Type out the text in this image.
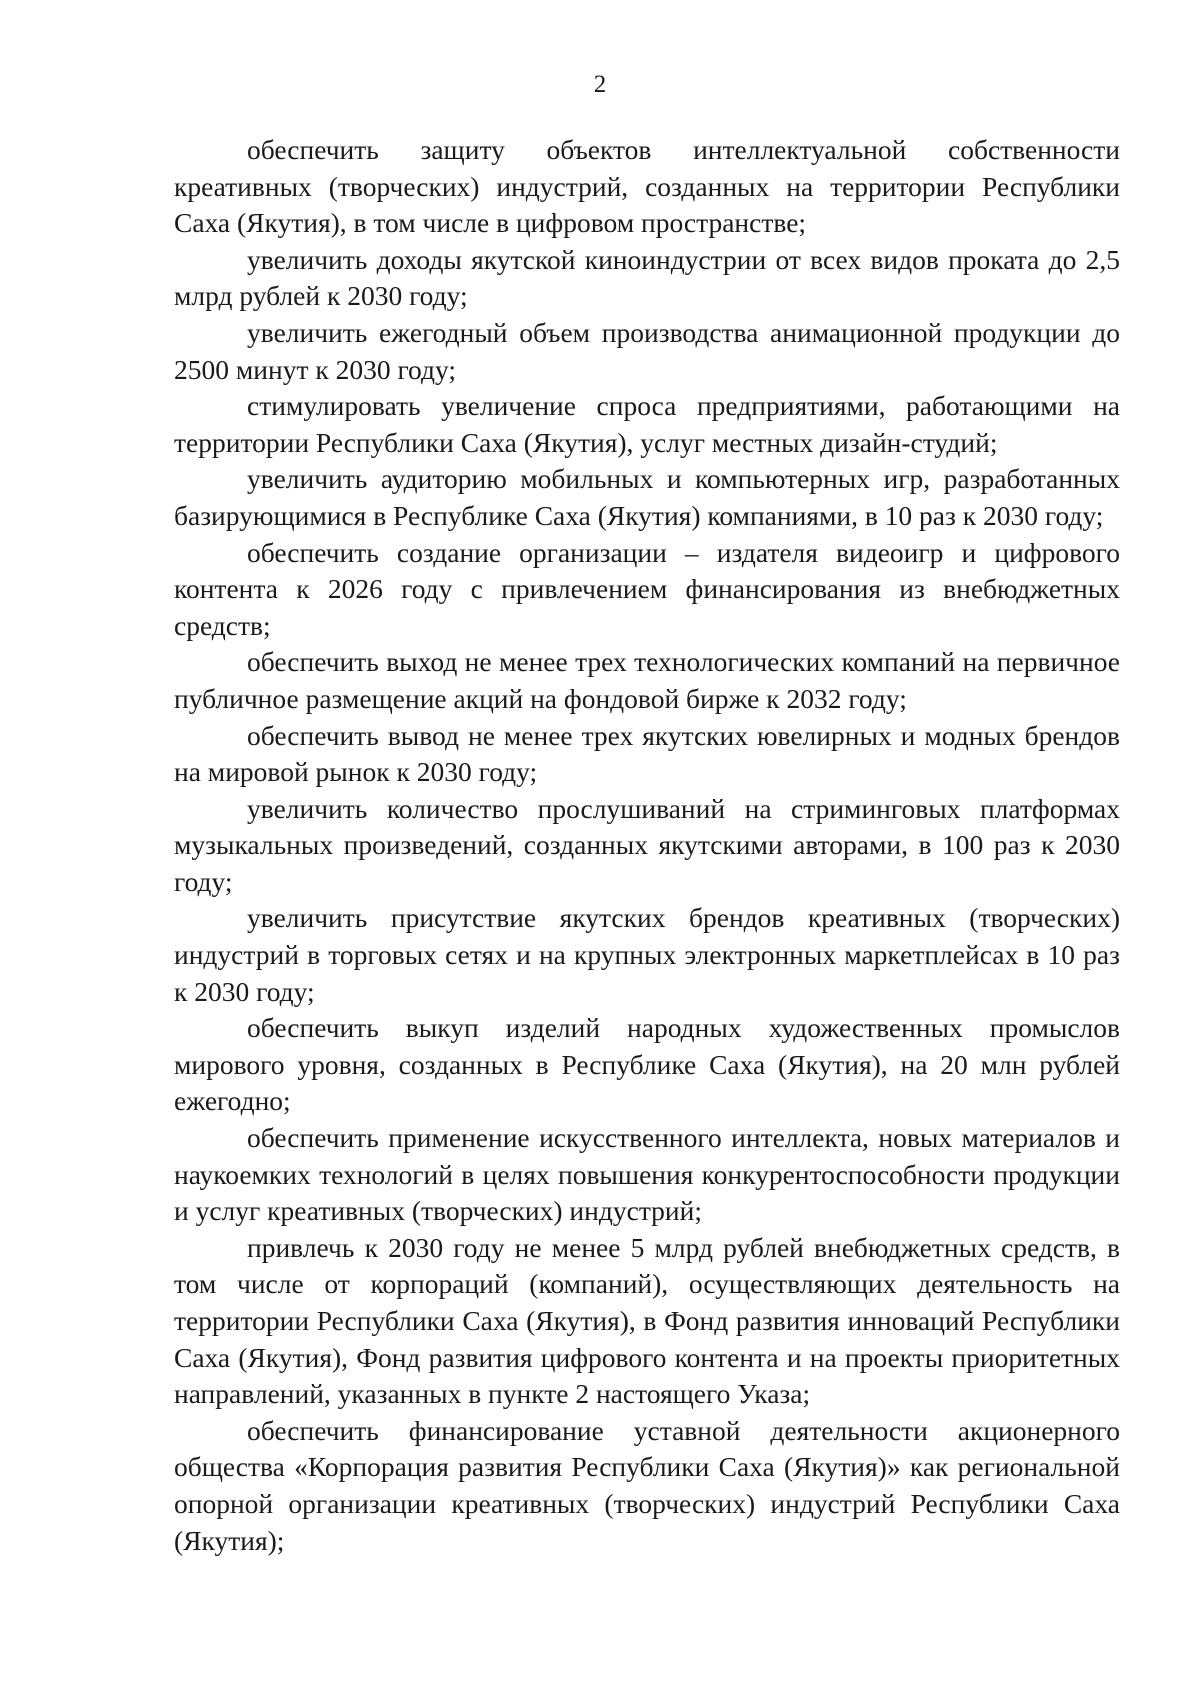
2

обеспечить защиту объектов интеллектуальной собственности креативных (творческих) индустрий, созданных на территории Республики Саха (Якутия), в том числе в цифровом пространстве;

увеличить доходы якутской киноиндустрии от всех видов проката до 2,5 млрд рублей к 2030 году;

увеличить ежегодный объем производства анимационной продукции до 2500 минут к 2030 году;

стимулировать увеличение спроса предприятиями, работающими на территории Республики Саха (Якутия), услуг местных дизайн-студий;

увеличить аудиторию мобильных и компьютерных игр, разработанных базирующимися в Республике Саха (Якутия) компаниями, в 10 раз к 2030 году;

обеспечить создание организации – издателя видеоигр и цифрового контента к 2026 году с привлечением финансирования из внебюджетных средств;

обеспечить выход не менее трех технологических компаний на первичное публичное размещение акций на фондовой бирже к 2032 году;

обеспечить вывод не менее трех якутских ювелирных и модных брендов на мировой рынок к 2030 году;

увеличить количество прослушиваний на стриминговых платформах музыкальных произведений, созданных якутскими авторами, в 100 раз к 2030 году;

увеличить присутствие якутских брендов креативных (творческих) индустрий в торговых сетях и на крупных электронных маркетплейсах в 10 раз к 2030 году;

обеспечить выкуп изделий народных художественных промыслов мирового уровня, созданных в Республике Саха (Якутия), на 20 млн рублей ежегодно;

обеспечить применение искусственного интеллекта, новых материалов и наукоемких технологий в целях повышения конкурентоспособности продукции и услуг креативных (творческих) индустрий;

привлечь к 2030 году не менее 5 млрд рублей внебюджетных средств, в том числе от корпораций (компаний), осуществляющих деятельность на территории Республики Саха (Якутия), в Фонд развития инноваций Республики Саха (Якутия), Фонд развития цифрового контента и на проекты приоритетных направлений, указанных в пункте 2 настоящего Указа;

обеспечить финансирование уставной деятельности акционерного общества «Корпорация развития Республики Саха (Якутия)» как региональной опорной организации креативных (творческих) индустрий Республики Саха (Якутия);
